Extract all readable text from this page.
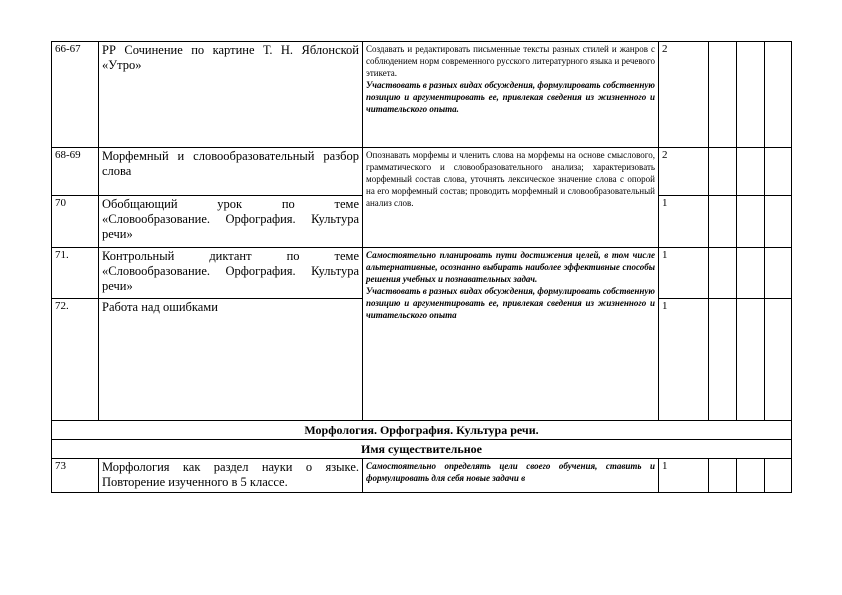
66-67	РР Сочинение по картине Т. Н. Яблонской «Утро»	Создавать и редактировать письменные тексты разных стилей и жанров с соблюдением норм современного русского литературного языка и речевого этикета.

Участвовать в разных видах обсуждения, формулировать собственную позицию и аргументировать ее, привлекая сведения из жизненного и читательского опыта.	2			
68-69	Морфемный и словообразовательный разбор слова	Опознавать морфемы и членить слова на морфемы на основе смыслового, грамматического и словообразовательного анализа; характеризовать морфемный состав слова, уточнять лексическое значение слова с опорой на его морфемный состав; проводить морфемный и словообразовательный анализ слов.	2			
70	Обобщающий урок по теме «Словообразование. Орфография. Культура речи»		1			
71.	Контрольный диктант по теме «Словообразование. Орфография. Культура речи»	Самостоятельно планировать пути достижения целей, в том числе альтернативные, осознанно выбирать наиболее эффективные способы решения учебных и познавательных задач.

Участвовать в разных видах обсуждения, формулировать собственную позицию и аргументировать ее, привлекая сведения из жизненного и читательского опыта	1			
72.	Работа над ошибками		1			
Морфология. Орфография. Культура речи.						
Имя существительное						
73	Морфология как раздел науки о языке. Повторение изученного в 5 классе.	Самостоятельно определять цели своего обучения, ставить и формулировать для себя новые задачи в	1			
